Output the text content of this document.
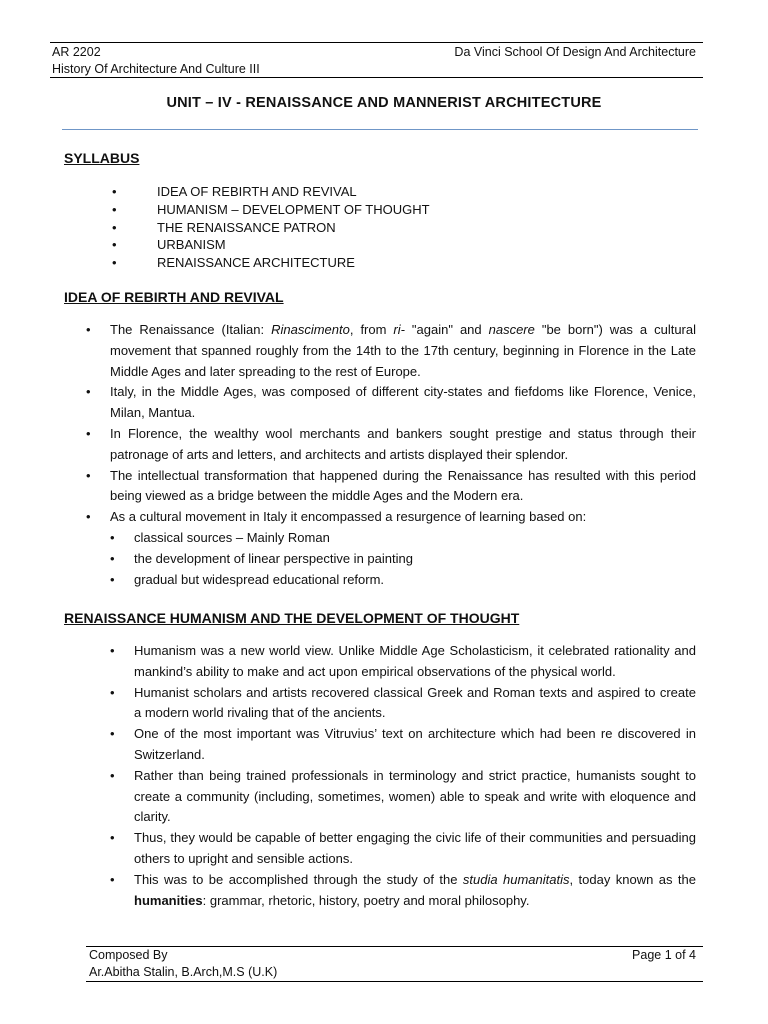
AR 2202
History Of Architecture And Culture III
Da Vinci School Of Design And Architecture
UNIT – IV - RENAISSANCE AND MANNERIST ARCHITECTURE
SYLLABUS
•	IDEA OF REBIRTH AND REVIVAL
•	HUMANISM – DEVELOPMENT OF THOUGHT
•	THE RENAISSANCE PATRON
•	URBANISM
•	RENAISSANCE ARCHITECTURE
IDEA OF REBIRTH AND REVIVAL
• The Renaissance (Italian: Rinascimento, from ri- "again" and nascere "be born") was a cultural movement that spanned roughly from the 14th to the 17th century, beginning in Florence in the Late Middle Ages and later spreading to the rest of Europe.
• Italy, in the Middle Ages, was composed of different city-states and fiefdoms like Florence, Venice, Milan, Mantua.
• In Florence, the wealthy wool merchants and bankers sought prestige and status through their patronage of arts and letters, and architects and artists displayed their splendor.
• The intellectual transformation that happened during the Renaissance has resulted with this period being viewed as a bridge between the middle Ages and the Modern era.
• As a cultural movement in Italy it encompassed a resurgence of learning based on:
• classical sources – Mainly Roman
• the development of linear perspective in painting
• gradual but widespread educational reform.
RENAISSANCE HUMANISM AND THE DEVELOPMENT OF THOUGHT
• Humanism was a new world view. Unlike Middle Age Scholasticism, it celebrated rationality and mankind’s ability to make and act upon empirical observations of the physical world.
• Humanist scholars and artists recovered classical Greek and Roman texts and aspired to create a modern world rivaling that of the ancients.
• One of the most important was Vitruvius’ text on architecture which had been re discovered in Switzerland.
• Rather than being trained professionals in terminology and strict practice, humanists sought to create a community (including, sometimes, women) able to speak and write with eloquence and clarity.
• Thus, they would be capable of better engaging the civic life of their communities and persuading others to upright and sensible actions.
• This was to be accomplished through the study of the studia humanitatis, today known as the humanities: grammar, rhetoric, history, poetry and moral philosophy.
Composed By
Ar.Abitha Stalin, B.Arch,M.S (U.K)
Page 1 of 4
